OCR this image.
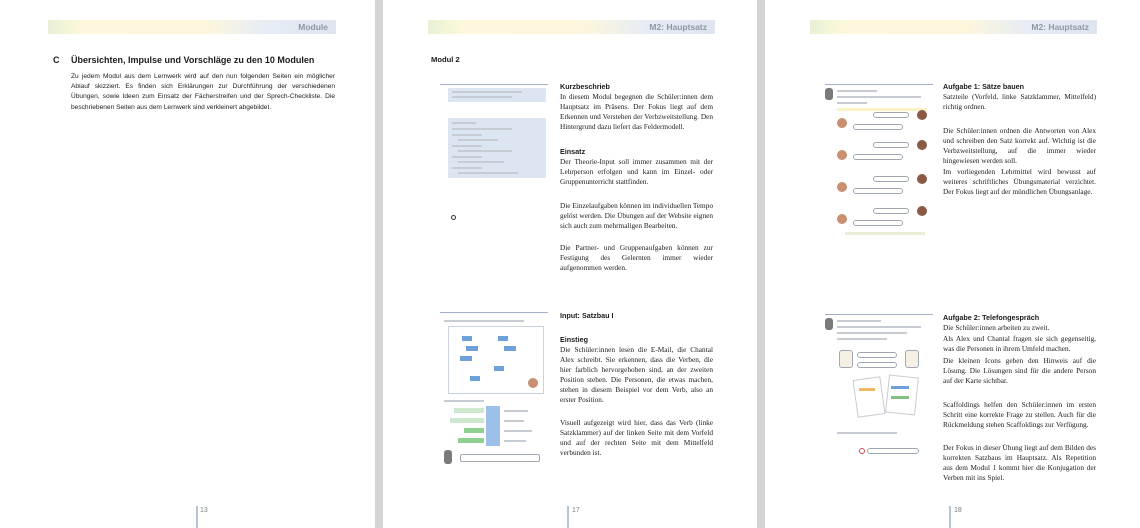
Module
C Übersichten, Impulse und Vorschläge zu den 10 Modulen
Zu jedem Modul aus dem Lernwerk wird auf den nun folgenden Seiten ein möglicher Ablauf skizziert. Es finden sich Erklärungen zur Durchführung der verschiedenen Übungen, sowie Ideen zum Einsatz der Fächerstreifen und der Sprech-Checkliste. Die beschriebenen Seiten aus dem Lernwerk sind verkleinert abgebildet.
13
M2: Hauptsatz
Modul 2
Kurzbeschrieb
In diesem Modul begegnen die Schüler:innen dem Hauptsatz im Präsens. Der Fokus liegt auf dem Erkennen und Verstehen der Verbzweitstellung. Den Hintergrund dazu liefert das Feldermodell.
Einsatz
Der Theorie-Input soll immer zusammen mit der Lehrperson erfolgen und kann im Einzel- oder Gruppenunterricht stattfinden.
Die Einzelaufgaben können im individuellen Tempo gelöst werden. Die Übungen auf der Website eignen sich auch zum mehrmaligen Bearbeiten.
Die Partner- und Gruppenaufgaben können zur Festigung des Gelernten immer wieder aufgenommen werden.
Input: Satzbau I
Einstieg
Die Schüler:innen lesen die E-Mail, die Chantal Alex schreibt. Sie erkennen, dass die Verben, die hier farblich hervorgehoben sind, an der zweiten Position stehen. Die Personen, die etwas machen, stehen in diesem Beispiel vor dem Verb, also an erster Position.
Visuell aufgezeigt wird hier, dass das Verb (linke Satzklammer) auf der linken Seite mit dem Vorfeld und auf der rechten Seite mit dem Mittelfeld verbunden ist.
17
M2: Hauptsatz
Aufgabe 1: Sätze bauen
Satzteile (Vorfeld, linke Satzklammer, Mittelfeld) richtig ordnen.
Die Schüler:innen ordnen die Antworten von Alex und schreiben den Satz korrekt auf. Wichtig ist die Verbzweitstellung, auf die immer wieder hingewiesen werden soll.
Im vorliegenden Lehrmittel wird bewusst auf weiteres schriftliches Übungsmaterial verzichtet. Der Fokus liegt auf der mündlichen Übungsanlage.
Aufgabe 2: Telefongespräch
Die Schüler:innen arbeiten zu zweit.
Als Alex und Chantal fragen sie sich gegenseitig, was die Personen in ihrem Umfeld machen.
Die kleinen Icons geben den Hinweis auf die Lösung. Die Lösungen sind für die andere Person auf der Karte sichtbar.
Scaffoldings helfen den Schüler:innen im ersten Schritt eine korrekte Frage zu stellen. Auch für die Rückmeldung stehen Scaffoldings zur Verfügung.
Der Fokus in dieser Übung liegt auf dem Bilden des korrekten Satzbaus im Hauptsatz. Als Repetition aus dem Modul 1 kommt hier die Konjugation der Verben mit ins Spiel.
18
